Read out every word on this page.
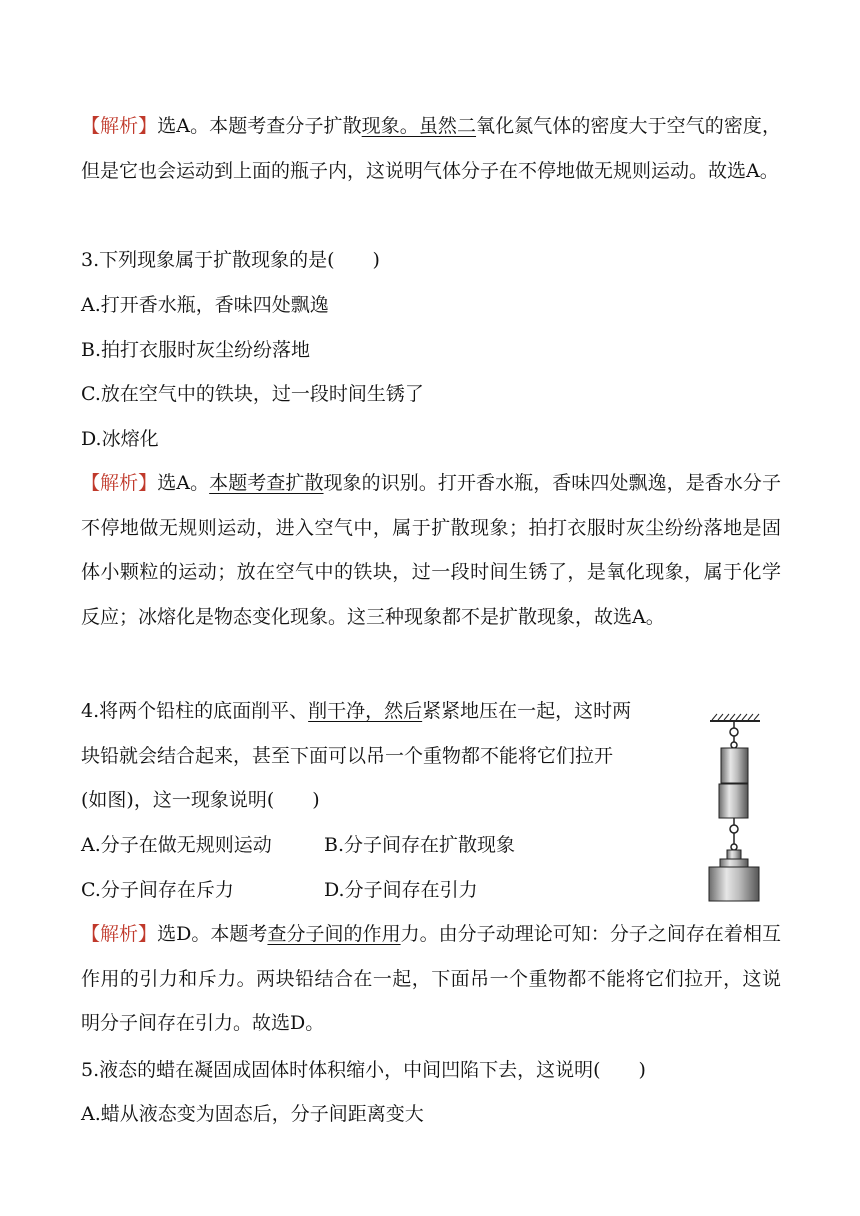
【解析】选A。本题考查分子扩散现象。虽然二氧化氮气体的密度大于空气的密度，但是它也会运动到上面的瓶子内，这说明气体分子在不停地做无规则运动。故选A。

3.下列现象属于扩散现象的是(　　)

A.打开香水瓶，香味四处飘逸

B.拍打衣服时灰尘纷纷落地

C.放在空气中的铁块，过一段时间生锈了

D.冰熔化

【解析】选A。本题考查扩散现象的识别。打开香水瓶，香味四处飘逸，是香水分子不停地做无规则运动，进入空气中，属于扩散现象；拍打衣服时灰尘纷纷落地是固体小颗粒的运动；放在空气中的铁块，过一段时间生锈了，是氧化现象，属于化学反应；冰熔化是物态变化现象。这三种现象都不是扩散现象，故选A。

4.将两个铅柱的底面削平、削干净，然后紧紧地压在一起，这时两

块铅就会结合起来，甚至下面可以吊一个重物都不能将它们拉开

(如图)，这一现象说明(　　)

A.分子在做无规则运动	B.分子间存在扩散现象

C.分子间存在斥力	D.分子间存在引力

【解析】选D。本题考查分子间的作用力。由分子动理论可知：分子之间存在着相互作用的引力和斥力。两块铅结合在一起，下面吊一个重物都不能将它们拉开，这说明分子间存在引力。故选D。

5.液态的蜡在凝固成固体时体积缩小，中间凹陷下去，这说明(　　)

A.蜡从液态变为固态后，分子间距离变大
